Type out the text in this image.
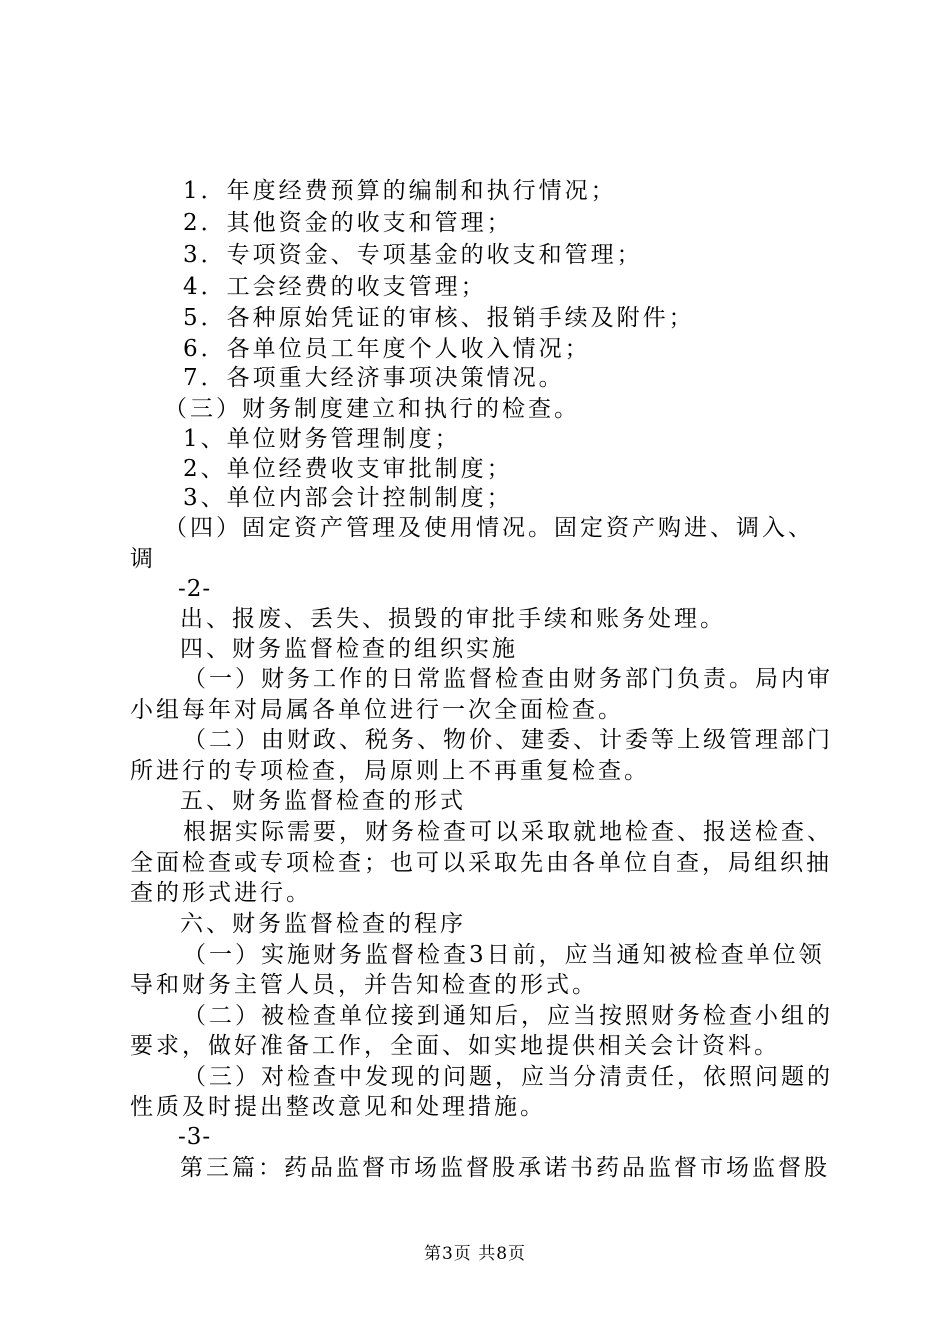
1．年度经费预算的编制和执行情况；

2．其他资金的收支和管理；

3．专项资金、专项基金的收支和管理；

4．工会经费的收支管理；

5．各种原始凭证的审核、报销手续及附件；

6．各单位员工年度个人收入情况；

7．各项重大经济事项决策情况。

（三）财务制度建立和执行的检查。

1、单位财务管理制度；

2、单位经费收支审批制度；

3、单位内部会计控制制度；

（四）固定资产管理及使用情况。固定资产购进、调入、

调

-2-

出、报废、丢失、损毁的审批手续和账务处理。

四、财务监督检查的组织实施

（一）财务工作的日常监督检查由财务部门负责。局内审

小组每年对局属各单位进行一次全面检查。

（二）由财政、税务、物价、建委、计委等上级管理部门

所进行的专项检查，局原则上不再重复检查。

五、财务监督检查的形式

根据实际需要，财务检查可以采取就地检查、报送检查、

全面检查或专项检查；也可以采取先由各单位自查，局组织抽

查的形式进行。

六、财务监督检查的程序

（一）实施财务监督检查3日前，应当通知被检查单位领

导和财务主管人员，并告知检查的形式。

（二）被检查单位接到通知后，应当按照财务检查小组的

要求，做好准备工作，全面、如实地提供相关会计资料。

（三）对检查中发现的问题，应当分清责任，依照问题的

性质及时提出整改意见和处理措施。

-3-

第三篇：药品监督市场监督股承诺书药品监督市场监督股

第3页 共8页
